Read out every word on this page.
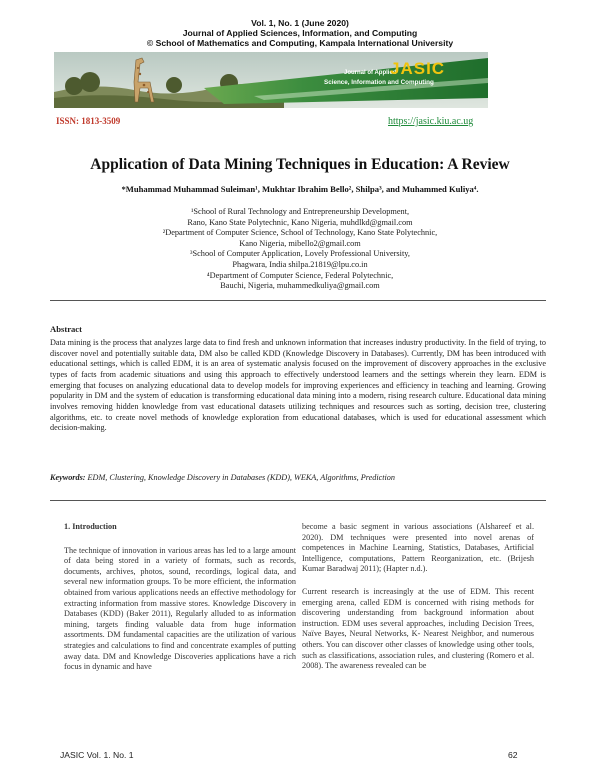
Vol. 1, No. 1 (June 2020)
Journal of Applied Sciences, Information, and Computing
© School of Mathematics and Computing, Kampala International University
Journal of Applied
JASIC
Science, Information and Computing
ISSN: 1813-3509	https://jasic.kiu.ac.ug
Application of Data Mining Techniques in Education: A Review
*Muhammad Muhammad Suleiman¹, Mukhtar Ibrahim Bello², Shilpa³, and Muhammed Kuliya⁴.
¹School of Rural Technology and Entrepreneurship Development,
Rano, Kano State Polytechnic, Kano Nigeria, muhdlkd@gmail.com
²Department of Computer Science, School of Technology, Kano State Polytechnic,
Kano Nigeria, mibello2@gmail.com
³School of Computer Application, Lovely Professional University,
Phagwara, India shilpa.21819@lpu.co.in
⁴Department of Computer Science, Federal Polytechnic,
Bauchi, Nigeria, muhammedkuliya@gmail.com
Abstract
Data mining is the process that analyzes large data to find fresh and unknown information that increases industry productivity. In the field of trying, to discover novel and potentially suitable data, DM also be called KDD (Knowledge Discovery in Databases). Currently, DM has been introduced with educational settings, which is called EDM, it is an area of systematic analysis focused on the improvement of discovery approaches in the exclusive types of facts from academic situations and using this approach to effectively understood learners and the settings wherein they learn. EDM is emerging that focuses on analyzing educational data to develop models for improving experiences and efficiency in teaching and learning. Growing popularity in DM and the system of education is transforming educational data mining into a modern, rising research culture. Educational data mining involves removing hidden knowledge from vast educational datasets utilizing techniques and resources such as sorting, decision tree, clustering algorithms, etc. to create novel methods of knowledge exploration from educational databases, which is used for educational assessment which decision-making.
Keywords: EDM, Clustering, Knowledge Discovery in Databases (KDD), WEKA, Algorithms, Prediction

1. Introduction

The technique of innovation in various areas has led to a large amount of data being stored in a variety of formats, such as records, documents, archives, photos, sound, recordings, logical data, and several new information groups. To be more efficient, the information obtained from various applications needs an effective methodology for extracting information from massive stores. Knowledge Discovery in Databases (KDD) (Baker 2011), Regularly alluded to as information mining, targets finding valuable data from huge information assortments. DM fundamental capacities are the utilization of various strategies and calculations to find and concentrate examples of putting away data. DM and Knowledge Discoveries applications have a rich focus in dynamic and have

become a basic segment in various associations (Alshareef et al. 2020). DM techniques were presented into novel arenas of competences in Machine Learning, Statistics, Databases, Artificial Intelligence, computations, Pattern Reorganization, etc. (Brijesh Kumar Baradwaj 2011); (Hapter n.d.).

Current research is increasingly at the use of EDM. This recent emerging arena, called EDM is concerned with rising methods for discovering understanding from background information about instruction. EDM uses several approaches, including Decision Trees, Naïve Bayes, Neural Networks, K- Nearest Neighbor, and numerous others. You can discover other classes of knowledge using other tools, such as classifications, association rules, and clustering (Romero et al. 2008). The awareness revealed can be

JASIC Vol. 1. No. 1	62
